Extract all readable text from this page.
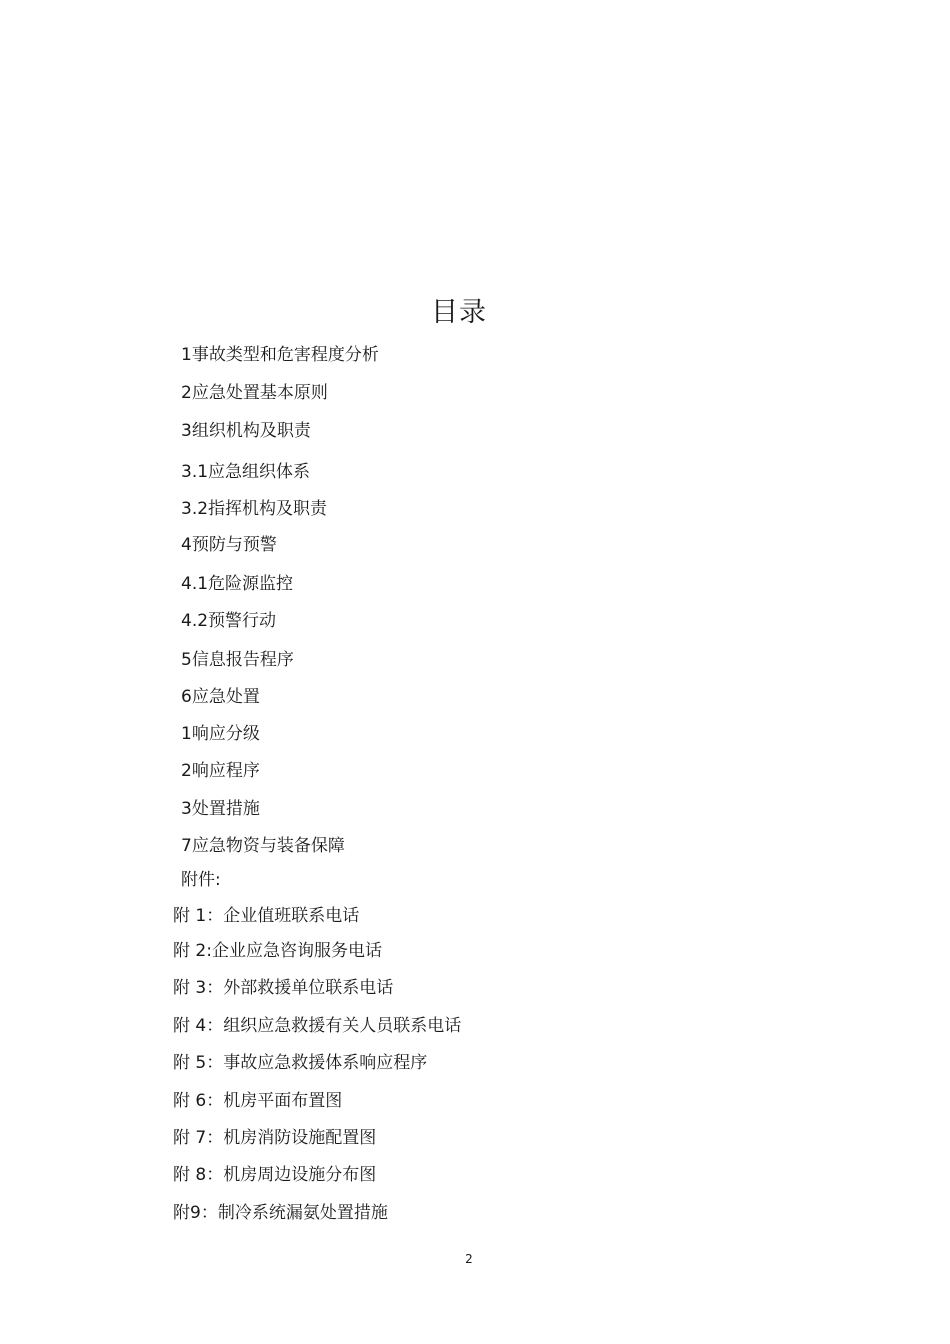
目录
1事故类型和危害程度分析
2应急处置基本原则
3组织机构及职责
3.1应急组织体系
3.2指挥机构及职责
4预防与预警
4.1危险源监控
4.2预警行动
5信息报告程序
6应急处置
1响应分级
2响应程序
3处置措施
7应急物资与装备保障
附件:
附 1：企业值班联系电话
附 2:企业应急咨询服务电话
附 3：外部救援单位联系电话
附 4：组织应急救援有关人员联系电话
附 5：事故应急救援体系响应程序
附 6：机房平面布置图
附 7：机房消防设施配置图
附 8：机房周边设施分布图
附9：制冷系统漏氨处置措施
2
